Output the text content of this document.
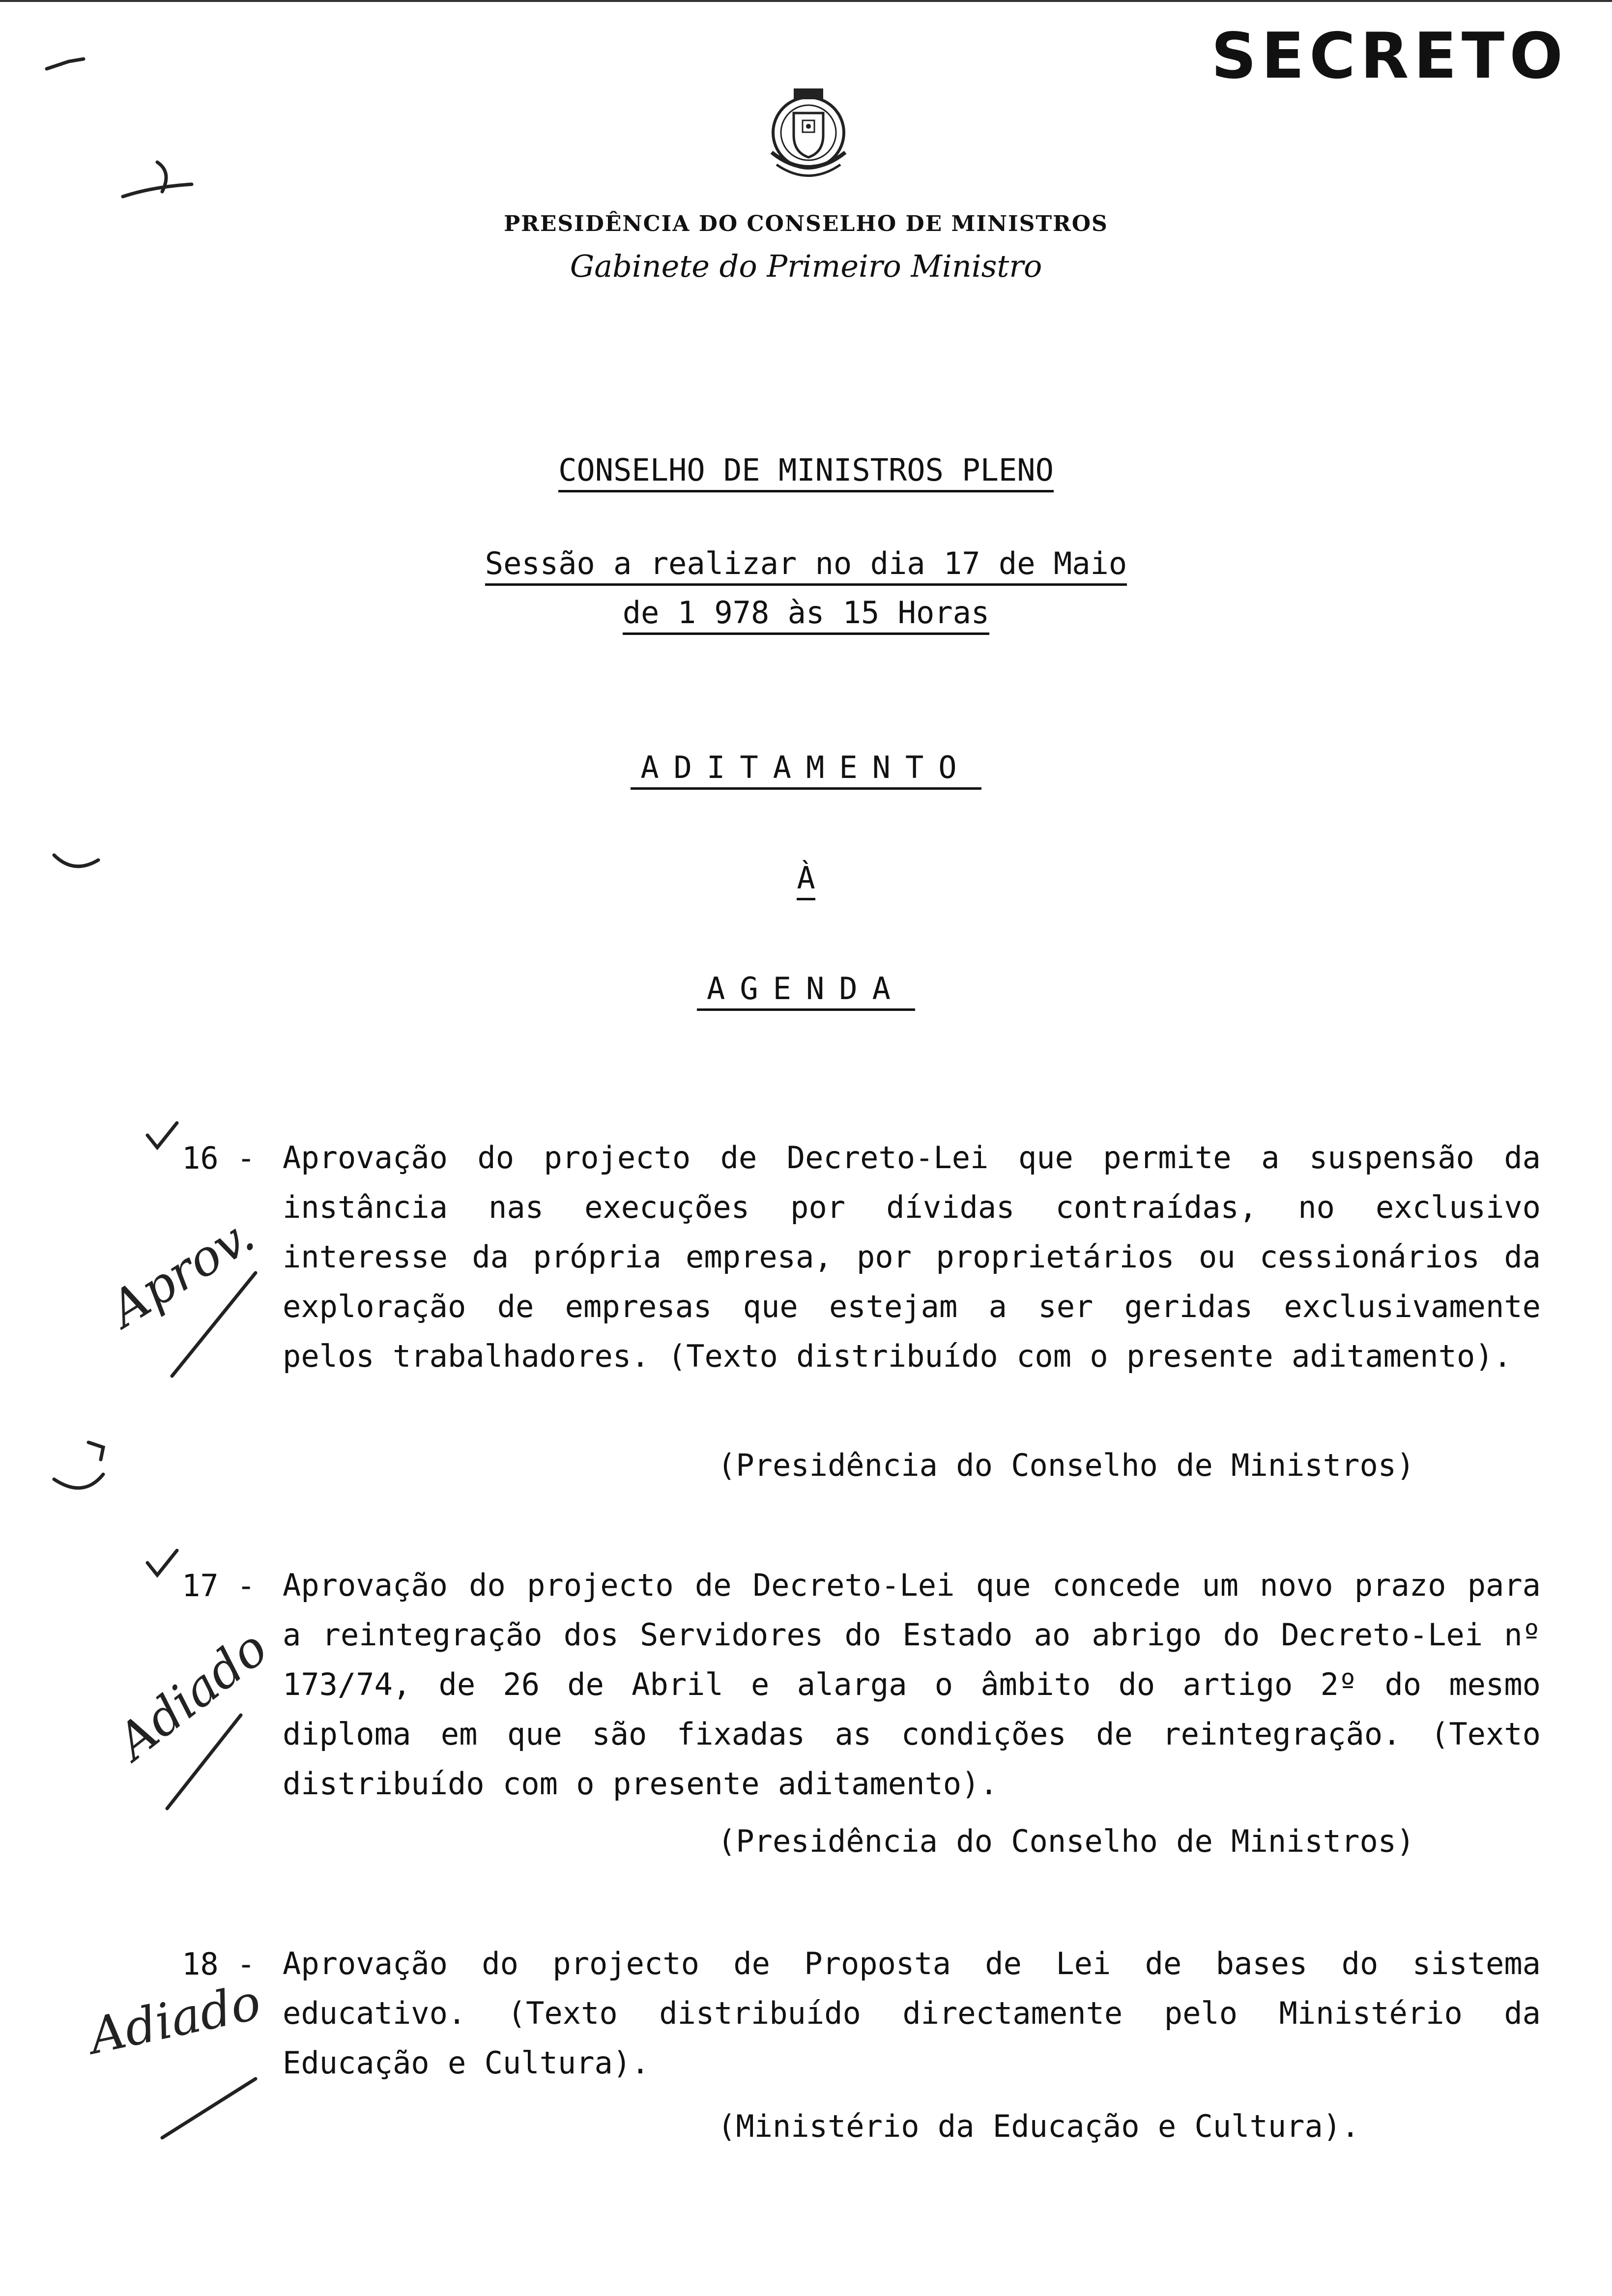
SECRETO
PRESIDÊNCIA DO CONSELHO DE MINISTROS
Gabinete do Primeiro Ministro
CONSELHO DE MINISTROS PLENO
Sessão a realizar no dia 17 de Maio
de 1 978 às 15 Horas
ADITAMENTO
À
AGENDA
16 - Aprovação do projecto de Decreto-Lei que permite a suspensão da instância nas execuções por dívidas contraídas, no exclusivo interesse da própria empresa, por proprietários ou cessionários da exploração de empresas que estejam a ser geridas exclusivamente pelos trabalhadores. (Texto distribuído com o presente aditamento).
(Presidência do Conselho de Ministros)
Aprov.
17 - Aprovação do projecto de Decreto-Lei que concede um novo prazo para a reintegração dos Servidores do Estado ao abrigo do Decreto-Lei nº 173/74, de 26 de Abril e alarga o âmbito do artigo 2º do mesmo diploma em que são fixadas as condições de reintegração. (Texto distribuído com o presente aditamento).
(Presidência do Conselho de Ministros)
Adiado
18 - Aprovação do projecto de Proposta de Lei de bases do sistema educativo. (Texto distribuído directamente pelo Ministério da Educação e Cultura).
(Ministério da Educação e Cultura).
Adiado
